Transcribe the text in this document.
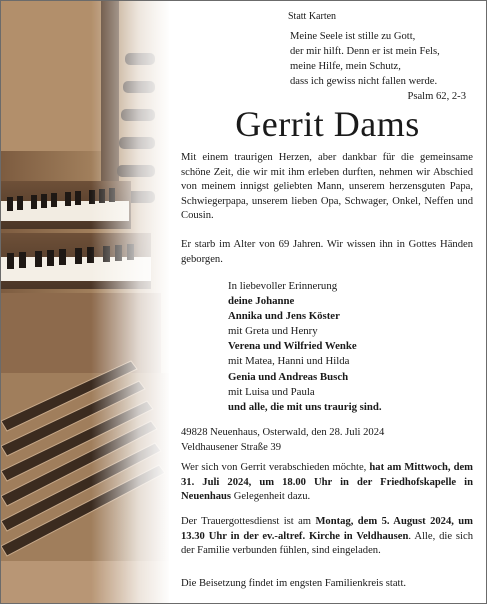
Statt Karten
Meine Seele ist stille zu Gott,
der mir hilft. Denn er ist mein Fels,
meine Hilfe, mein Schutz,
dass ich gewiss nicht fallen werde.
Psalm 62, 2-3
Gerrit Dams
Mit einem traurigen Herzen, aber dankbar für die gemeinsame schöne Zeit, die wir mit ihm erleben durften, nehmen wir Abschied von meinem innigst geliebten Mann, unserem herzensguten Papa, Schwiegerpapa, unserem lieben Opa, Schwager, Onkel, Neffen und Cousin.
Er starb im Alter von 69 Jahren. Wir wissen ihn in Gottes Händen geborgen.
In liebevoller Erinnerung
deine Johanne
Annika und Jens Köster
mit Greta und Henry
Verena und Wilfried Wenke
mit Matea, Hanni und Hilda
Genia und Andreas Busch
mit Luisa und Paula
und alle, die mit uns traurig sind.
49828 Neuenhaus, Osterwald, den 28. Juli 2024
Veldhausener Straße 39
Wer sich von Gerrit verabschieden möchte, hat am Mittwoch, dem 31. Juli 2024, um 18.00 Uhr in der Friedhofskapelle in Neuenhaus Gelegenheit dazu.
Der Trauergottesdienst ist am Montag, dem 5. August 2024, um 13.30 Uhr in der ev.-altref. Kirche in Veldhausen. Alle, die sich der Familie verbunden fühlen, sind eingeladen.
Die Beisetzung findet im engsten Familienkreis statt.
